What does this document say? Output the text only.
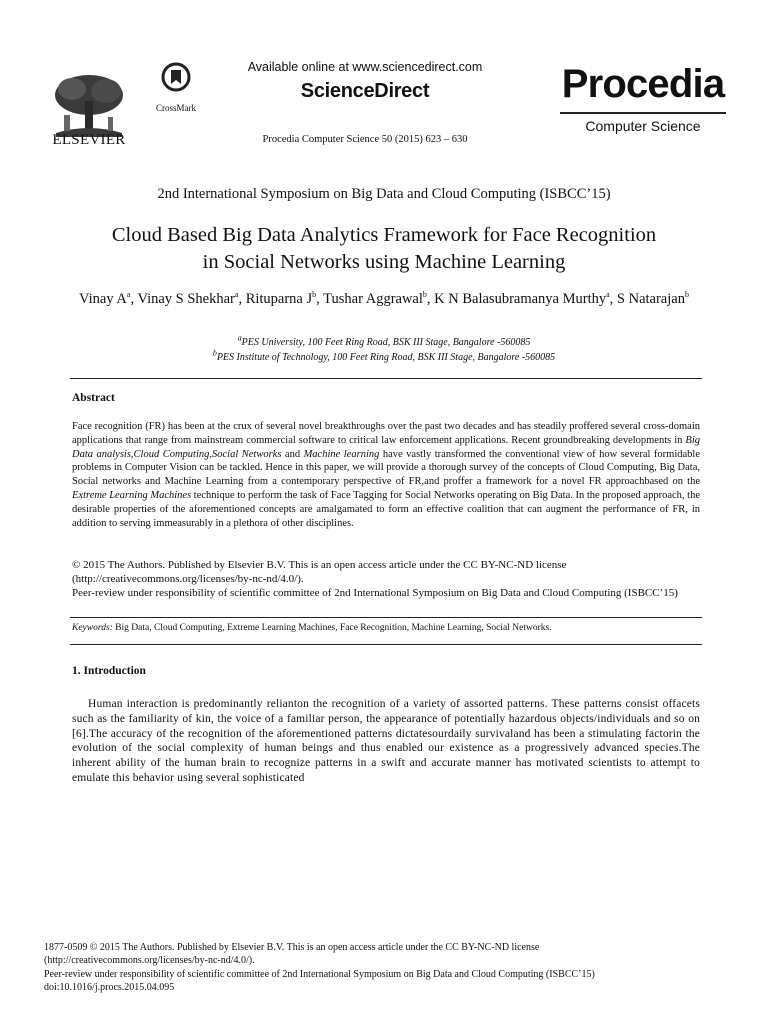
ELSEVIER
CrossMark
Available online at www.sciencedirect.com
ScienceDirect
Procedia Computer Science 50 (2015) 623 – 630
Procedia
Computer Science
2nd International Symposium on Big Data and Cloud Computing (ISBCC’15)
Cloud Based Big Data Analytics Framework for Face Recognition
in Social Networks using Machine Learning
Vinay $A^a$, Vinay S Shekhar$^a$, Rituparna $J^b$, Tushar Aggrawal$^b$, K N Balasubramanya Murthy$^a$, S Natarajan$^b$
$^a$PES University, 100 Feet Ring Road, BSK III Stage, Bangalore -560085
$^b$PES Institute of Technology, 100 Feet Ring Road, BSK III Stage, Bangalore -560085
Abstract
Face recognition (FR) has been at the crux of several novel breakthroughs over the past two decades and has steadily proffered several cross-domain applications that range from mainstream commercial software to critical law enforcement applications. Recent groundbreaking developments in Big Data analysis,Cloud Computing,Social Networks and Machine learning have vastly transformed the conventional view of how several formidable problems in Computer Vision can be tackled. Hence in this paper, we will provide a thorough survey of the concepts of Cloud Computing, Big Data, Social networks and Machine Learning from a contemporary perspective of FR,and proffer a framework for a novel FR approachbased on the Extreme Learning Machines technique to perform the task of Face Tagging for Social Networks operating on Big Data. In the proposed approach, the desirable properties of the aforementioned concepts are amalgamated to form an effective coalition that can augment the performance of FR, in addition to serving immeasurably in a plethora of other disciplines.
© 2015 The Authors. Published by Elsevier B.V. This is an open access article under the CC BY-NC-ND license
(http://creativecommons.org/licenses/by-nc-nd/4.0/).
Peer-review under responsibility of scientific committee of 2nd International Symposium on Big Data and Cloud Computing (ISBCC’15)
Keywords: Big Data, Cloud Computing, Extreme Learning Machines, Face Recognition, Machine Learning, Social Networks.
1. Introduction
Human interaction is predominantly relianton the recognition of a variety of assorted patterns. These patterns consist offacets such as the familiarity of kin, the voice of a familiar person, the appearance of potentially hazardous objects/individuals and so on [6].The accuracy of the recognition of the aforementioned patterns dictatesourdaily survivaland has been a stimulating factorin the evolution of the social complexity of human beings and thus enabled our existence as a progressively advanced species.The inherent ability of the human brain to recognize patterns in a swift and accurate manner has motivated scientists to attempt to emulate this behavior using several sophisticated
1877-0509 © 2015 The Authors. Published by Elsevier B.V. This is an open access article under the CC BY-NC-ND license
(http://creativecommons.org/licenses/by-nc-nd/4.0/).
Peer-review under responsibility of scientific committee of 2nd International Symposium on Big Data and Cloud Computing (ISBCC’15)
doi:10.1016/j.procs.2015.04.095
